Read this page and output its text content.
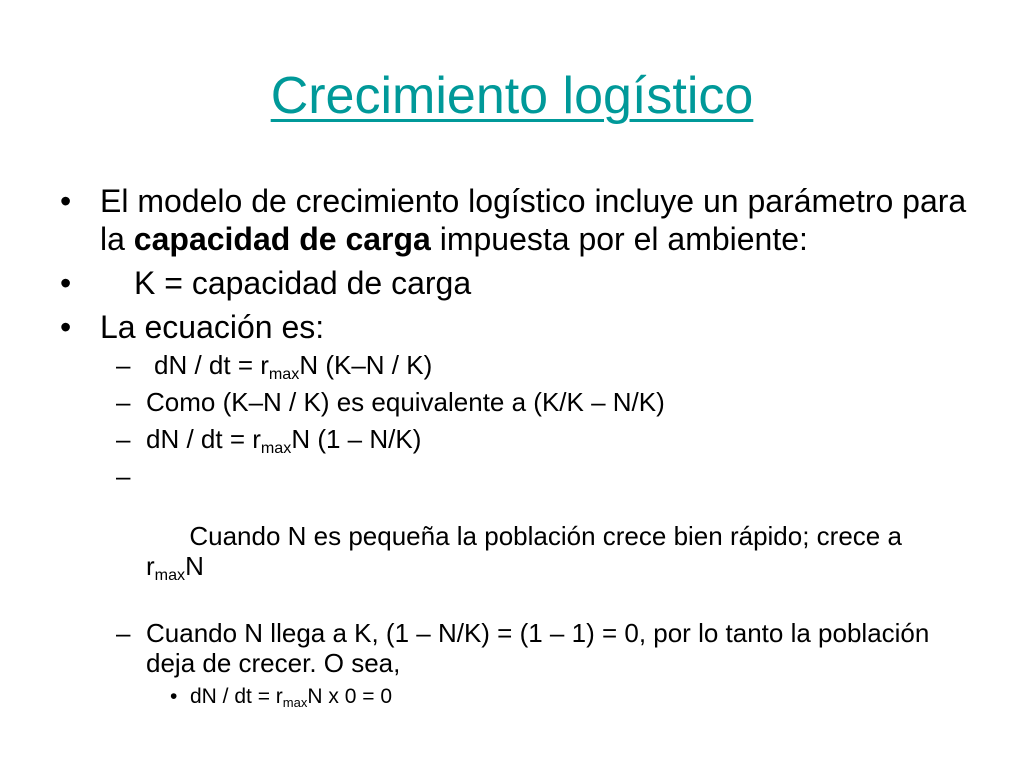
Crecimiento logístico
• El modelo de crecimiento logístico incluye un parámetro para la capacidad de carga impuesta por el ambiente:
• K = capacidad de carga
• La ecuación es:
– dN / dt = $r_{max}N$ (K–N / K)
– Como (K–N / K) es equivalente a (K/K – N/K)
– dN / dt = $r_{max}N$ (1 – N/K)

–

Cuando N es pequeña la población crece bien rápido; crece a   $r_{max}N$

– Cuando N llega a K, (1 – N/K) = (1 – 1) = 0, por lo tanto la población deja de crecer. O sea,
• dN / dt = $r_{max}N$ x 0 = 0
